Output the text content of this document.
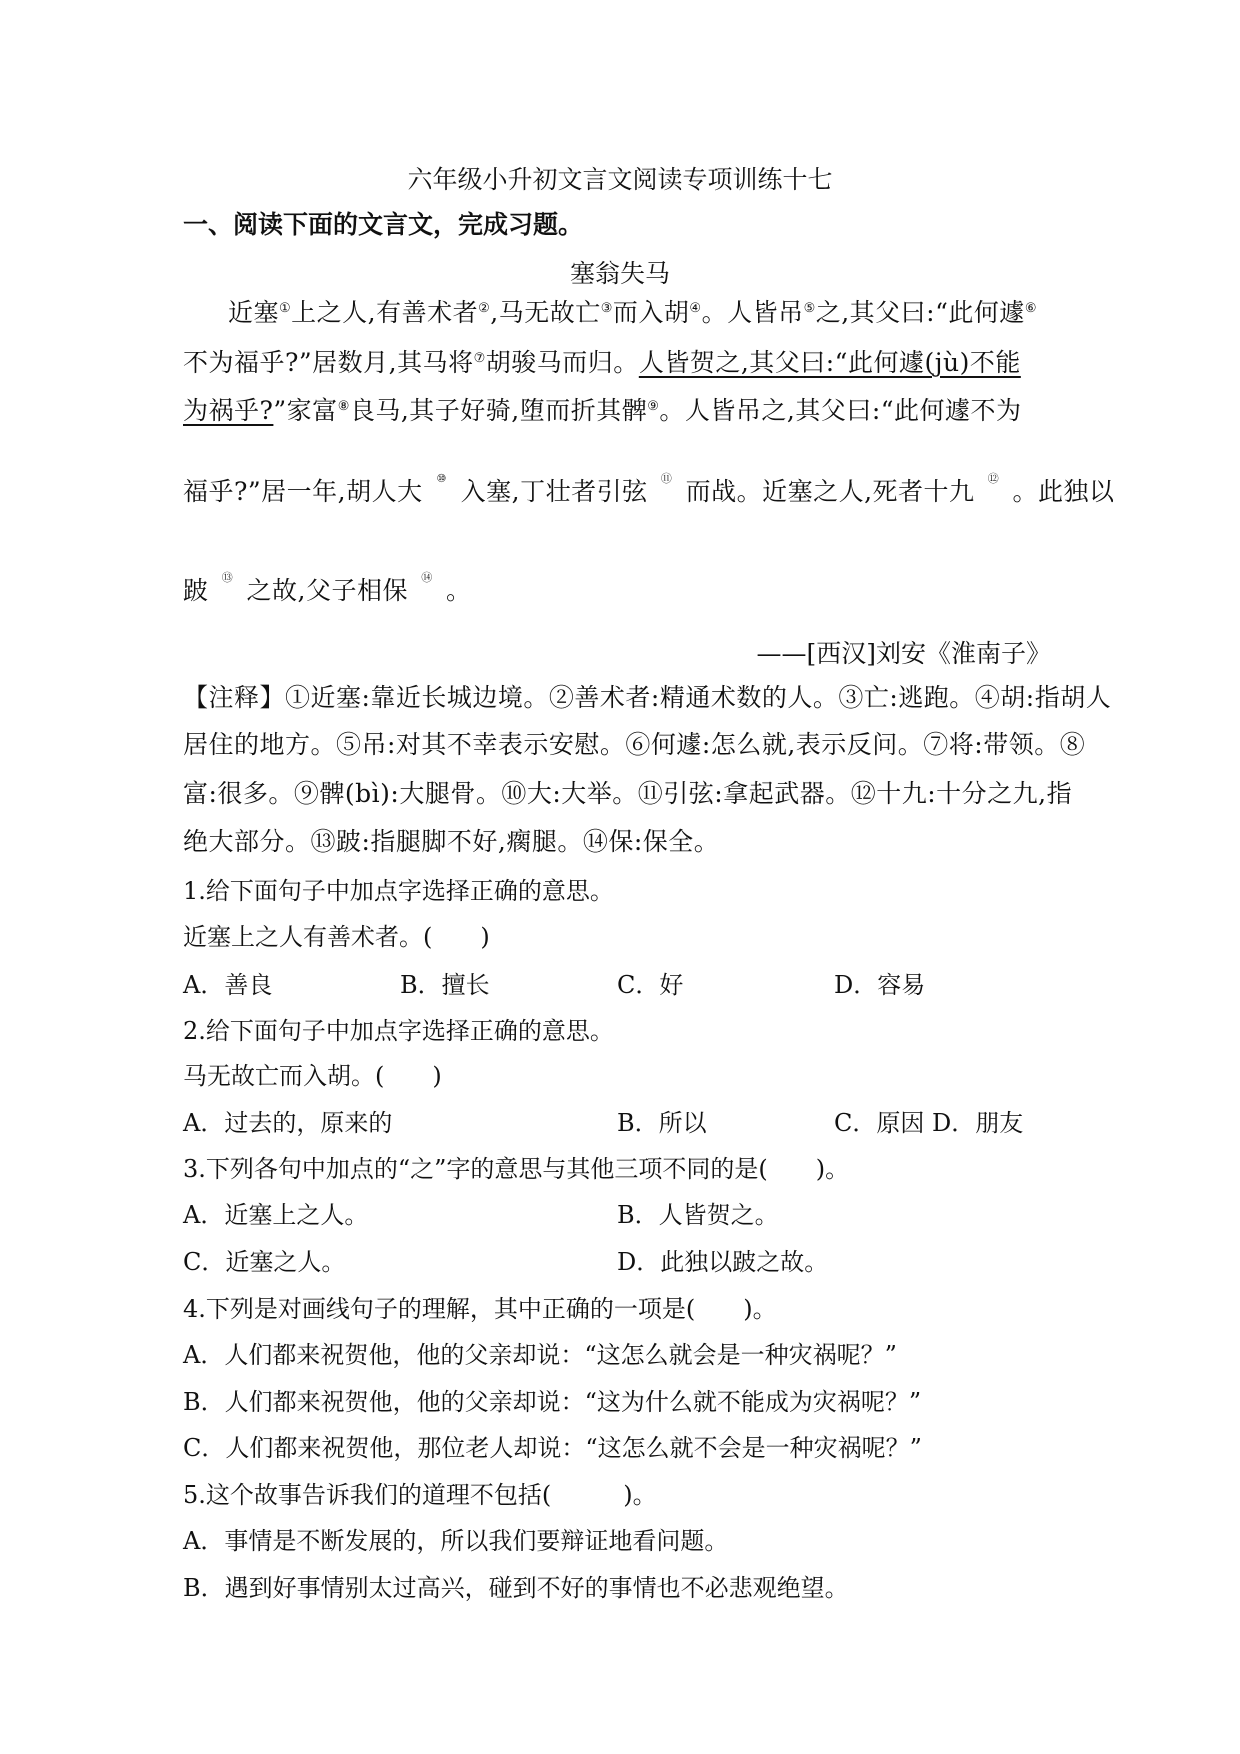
六年级小升初文言文阅读专项训练十七
一、阅读下面的文言文，完成习题。
塞翁失马
近塞①上之人,有善术者②,马无故亡③而入胡④。人皆吊⑤之,其父曰:“此何遽⑥
不为福乎?”居数月,其马将⑦胡骏马而归。人皆贺之,其父曰:“此何遽(jù)不能
为祸乎?”家富⑧良马,其子好骑,堕而折其髀⑨。人皆吊之,其父曰:“此何遽不为
福乎?”居一年,胡人大 ⑩ 入塞,丁壮者引弦 ⑪ 而战。近塞之人,死者十九 ⑫ 。此独以
跛 ⑬ 之故,父子相保 ⑭ 。
——[西汉]刘安《淮南子》
【注释】①近塞:靠近长城边境。②善术者:精通术数的人。③亡:逃跑。④胡:指胡人
居住的地方。⑤吊:对其不幸表示安慰。⑥何遽:怎么就,表示反问。⑦将:带领。⑧
富:很多。⑨髀(bì):大腿骨。⑩大:大举。⑪引弦:拿起武器。⑫十九:十分之九,指
绝大部分。⑬跛:指腿脚不好,瘸腿。⑭保:保全。
1.给下面句子中加点字选择正确的意思。
近塞上之人有善术者。(　　)
A．善良	B．擅长	C．好	D．容易
2.给下面句子中加点字选择正确的意思。
马无故亡而入胡。(　　)
A．过去的，原来的	B．所以	C．原因 D．朋友
3.下列各句中加点的“之”字的意思与其他三项不同的是(　　)。
A．近塞上之人。	B．人皆贺之。
C．近塞之人。	D．此独以跛之故。
4.下列是对画线句子的理解，其中正确的一项是(　　)。
A．人们都来祝贺他，他的父亲却说：“这怎么就会是一种灾祸呢？”
B．人们都来祝贺他，他的父亲却说：“这为什么就不能成为灾祸呢？”
C．人们都来祝贺他，那位老人却说：“这怎么就不会是一种灾祸呢？”
5.这个故事告诉我们的道理不包括(　　　)。
A．事情是不断发展的，所以我们要辩证地看问题。
B．遇到好事情别太过高兴，碰到不好的事情也不必悲观绝望。
